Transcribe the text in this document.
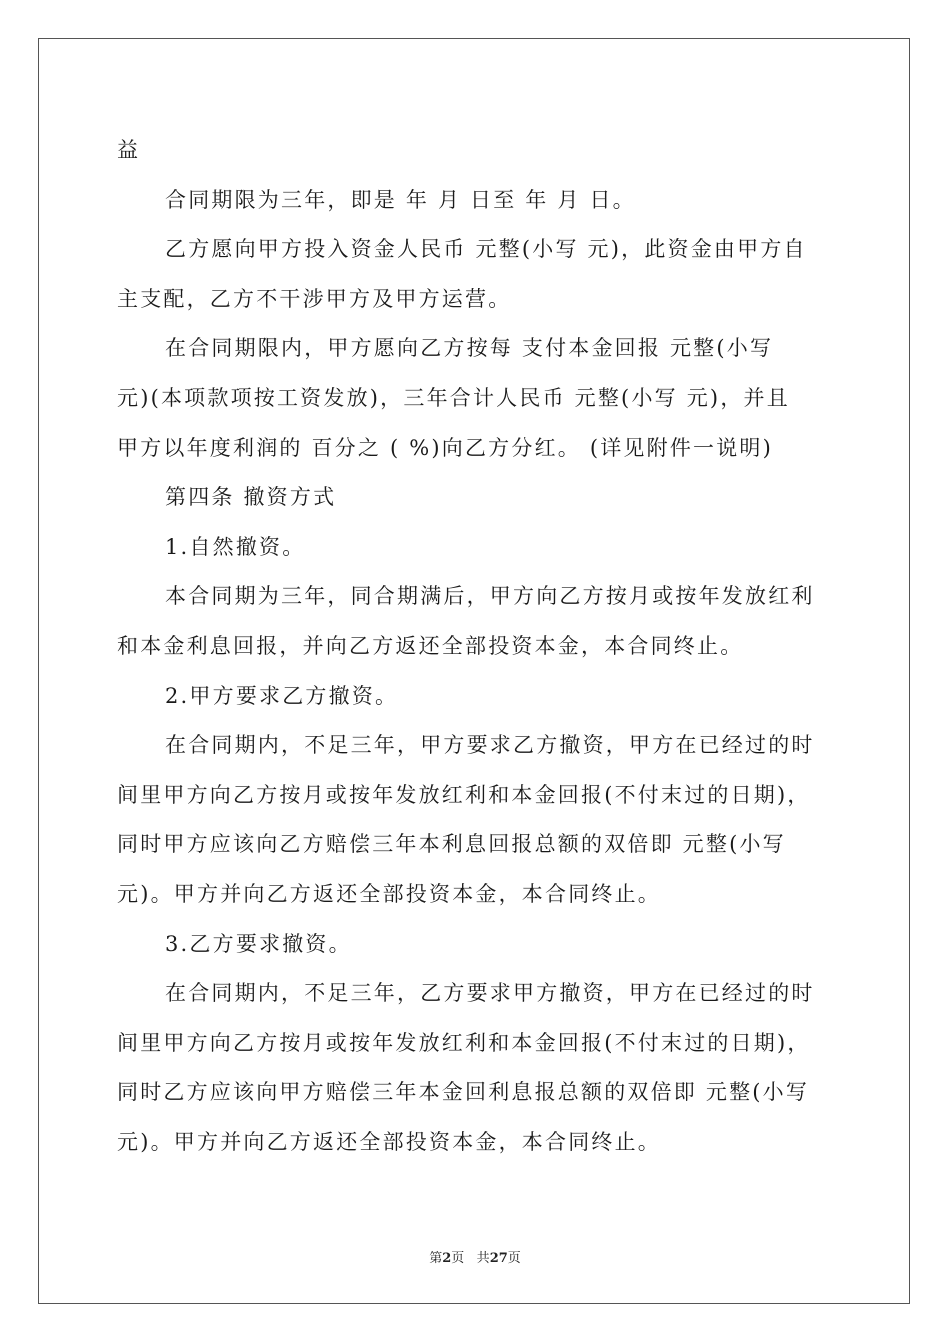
益
合同期限为三年，即是 年 月 日至 年 月 日。
乙方愿向甲方投入资金人民币 元整(小写 元)，此资金由甲方自
主支配，乙方不干涉甲方及甲方运营。
在合同期限内，甲方愿向乙方按每 支付本金回报 元整(小写
元)(本项款项按工资发放)，三年合计人民币 元整(小写 元)，并且
甲方以年度利润的 百分之 ( %)向乙方分红。 (详见附件一说明)
第四条 撤资方式
1.自然撤资。
本合同期为三年，同合期满后，甲方向乙方按月或按年发放红利
和本金利息回报，并向乙方返还全部投资本金，本合同终止。
2.甲方要求乙方撤资。
在合同期内，不足三年，甲方要求乙方撤资，甲方在已经过的时
间里甲方向乙方按月或按年发放红利和本金回报(不付末过的日期)，
同时甲方应该向乙方赔偿三年本利息回报总额的双倍即 元整(小写
元)。甲方并向乙方返还全部投资本金，本合同终止。
3.乙方要求撤资。
在合同期内，不足三年，乙方要求甲方撤资，甲方在已经过的时
间里甲方向乙方按月或按年发放红利和本金回报(不付末过的日期)，
同时乙方应该向甲方赔偿三年本金回利息报总额的双倍即 元整(小写
元)。甲方并向乙方返还全部投资本金，本合同终止。

第2页 共27页
